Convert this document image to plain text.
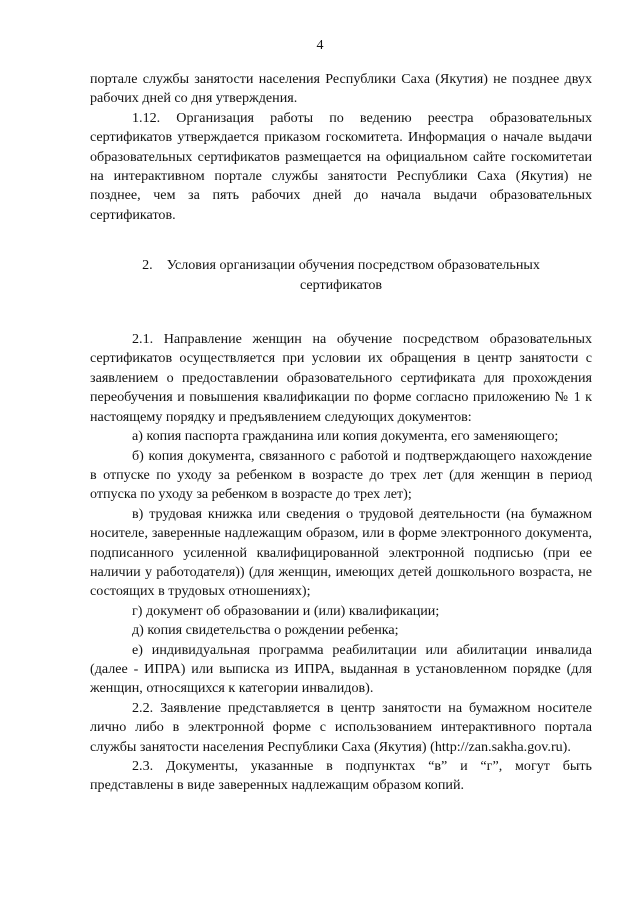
4

портале службы занятости населения Республики Саха (Якутия) не позднее двух рабочих дней со дня утверждения.

1.12. Организация работы по ведению реестра образовательных сертификатов утверждается приказом госкомитета. Информация о начале выдачи образовательных сертификатов размещается на официальном сайте госкомитетаи на интерактивном портале службы занятости Республики Саха (Якутия) не позднее, чем за пять рабочих дней до начала выдачи образовательных сертификатов.

2. Условия организации обучения посредством образовательных
сертификатов

2.1. Направление женщин на обучение посредством образовательных сертификатов осуществляется при условии их обращения в центр занятости с заявлением о предоставлении образовательного сертификата для прохождения переобучения и повышения квалификации по форме согласно приложению № 1 к настоящему порядку и предъявлением следующих документов:

а) копия паспорта гражданина или копия документа, его заменяющего;

б) копия документа, связанного с работой и подтверждающего нахождение в отпуске по уходу за ребенком в возрасте до трех лет (для женщин в период отпуска по уходу за ребенком в возрасте до трех лет);

в) трудовая книжка или сведения о трудовой деятельности (на бумажном носителе, заверенные надлежащим образом, или в форме электронного документа, подписанного усиленной квалифицированной электронной подписью (при ее наличии у работодателя)) (для женщин, имеющих детей дошкольного возраста, не состоящих в трудовых отношениях);

г) документ об образовании и (или) квалификации;

д) копия свидетельства о рождении ребенка;

е) индивидуальная программа реабилитации или абилитации инвалида (далее - ИПРА) или выписка из ИПРА, выданная в установленном порядке (для женщин, относящихся к категории инвалидов).

2.2. Заявление представляется в центр занятости на бумажном носителе лично либо в электронной форме с использованием интерактивного портала службы занятости населения Республики Саха (Якутия) (http://zan.sakha.gov.ru).

2.3. Документы, указанные в подпунктах “в” и “г”, могут быть представлены в виде заверенных надлежащим образом копий.
